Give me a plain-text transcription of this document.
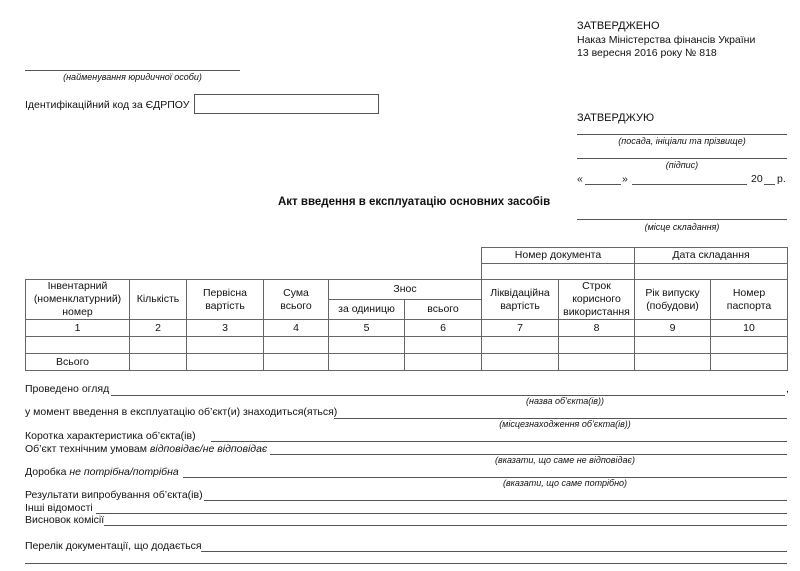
ЗАТВЕРДЖЕНО
Наказ Міністерства фінансів України
13 вересня 2016 року № 818
(найменування юридичної особи)
Ідентифікаційний код за ЄДРПОУ
ЗАТВЕРДЖУЮ
(посада, ініціали та прізвище)
(підпис)
«	»	20 р.
(місце складання)
Акт введення в експлуатацію основних засобів
						Номер документа		Дата складання	

Інвентарний (номенклатурний) номер	Кількість	Первісна вартість	Сума всього	Знос		Ліквідаційна вартість	Строк корисного використання	Рік випуску (побудови)	Номер паспорта
				за одиницю	всього				
1	2	3	4	5	6	7	8	9	10

Всього									
Проведено огляд	,
(назва об’єкта(ів))
у момент введення в експлуатацію об’єкт(и) знаходиться(яться)
(місцезнаходження об’єкта(ів))
Коротка характеристика об’єкта(ів)
Об’єкт технічним умовам відповідає/не відповідає
(вказати, що саме не відповідає)
Доробка не потрібна/потрібна
(вказати, що саме потрібно)
Результати випробування об’єкта(ів)
Інші відомості
Висновок комісії
Перелік документації, що додається
